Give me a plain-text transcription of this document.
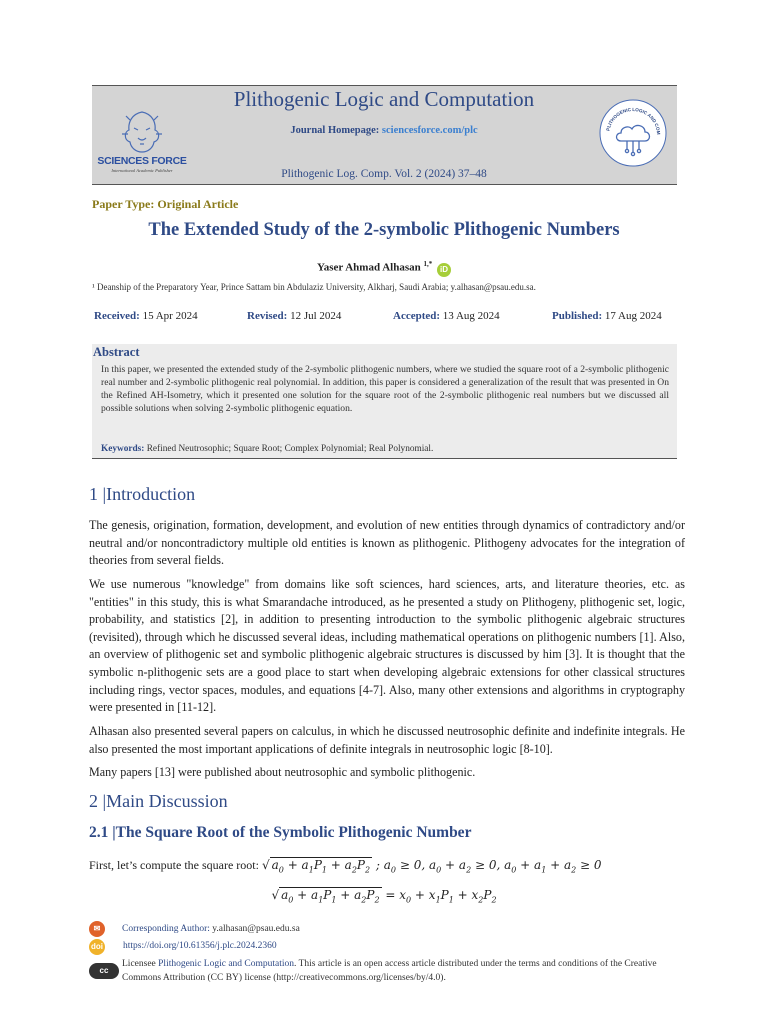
SCIENCES FORCE
International Academic Publisher
Plithogenic Logic and Computation
Journal Homepage: sciencesforce.com/plc
Plithogenic Log. Comp. Vol. 2 (2024) 37–48
PLITHOGENIC LOGIC AND COM
Paper Type: Original Article
The Extended Study of the 2-symbolic Plithogenic Numbers
Yaser Ahmad Alhasan $^{1,*}$ iD
¹ Deanship of the Preparatory Year, Prince Sattam bin Abdulaziz University, Alkharj, Saudi Arabia; y.alhasan@psau.edu.sa.
Received: 15 Apr 2024	Revised: 12 Jul 2024	Accepted: 13 Aug 2024	Published: 17 Aug 2024
Abstract
In this paper, we presented the extended study of the 2-symbolic plithogenic numbers, where we studied the square root of a 2-symbolic plithogenic real number and 2-symbolic plithogenic real polynomial. In addition, this paper is considered a generalization of the result that was presented in On the Refined AH-Isometry, which it presented one solution for the square root of the 2-symbolic plithogenic real numbers but we discussed all possible solutions when solving 2-symbolic plithogenic equation.
Keywords: Refined Neutrosophic; Square Root; Complex Polynomial; Real Polynomial.
1 |Introduction
The genesis, origination, formation, development, and evolution of new entities through dynamics of contradictory and/or neutral and/or noncontradictory multiple old entities is known as plithogenic. Plithogeny advocates for the integration of theories from several fields.
We use numerous "knowledge" from domains like soft sciences, hard sciences, arts, and literature theories, etc. as "entities" in this study, this is what Smarandache introduced, as he presented a study on Plithogeny, plithogenic set, logic, probability, and statistics [2], in addition to presenting introduction to the symbolic plithogenic algebraic structures (revisited), through which he discussed several ideas, including mathematical operations on plithogenic numbers [1]. Also, an overview of plithogenic set and symbolic plithogenic algebraic structures is discussed by him [3]. It is thought that the symbolic n-plithogenic sets are a good place to start when developing algebraic extensions for other classical structures including rings, vector spaces, modules, and equations [4-7]. Also, many other extensions and algorithms in cryptography were presented in [11-12].
Alhasan also presented several papers on calculus, in which he discussed neutrosophic definite and indefinite integrals. He also presented the most important applications of definite integrals in neutrosophic logic [8-10].
Many papers [13] were published about neutrosophic and symbolic plithogenic.
2 |Main Discussion
2.1 |The Square Root of the Symbolic Plithogenic Number
First, let’s compute the square root: √ $a_0 + a_1P_1 + a_2P_2$ ; $a_0 \ge 0$, $a_0 + a_2 \ge 0$, $a_0 + a_1 + a_2 \ge 0$
√ $a_0 + a_1P_1 + a_2P_2 = x_0 + x_1P_1 + x_2P_2$
✉	Corresponding Author: y.alhasan@psau.edu.sa
doi https://doi.org/10.61356/j.plc.2024.2360
cc
Licensee Plithogenic Logic and Computation. This article is an open access article distributed under the terms and conditions of the Creative Commons Attribution (CC BY) license (http://creativecommons.org/licenses/by/4.0).
